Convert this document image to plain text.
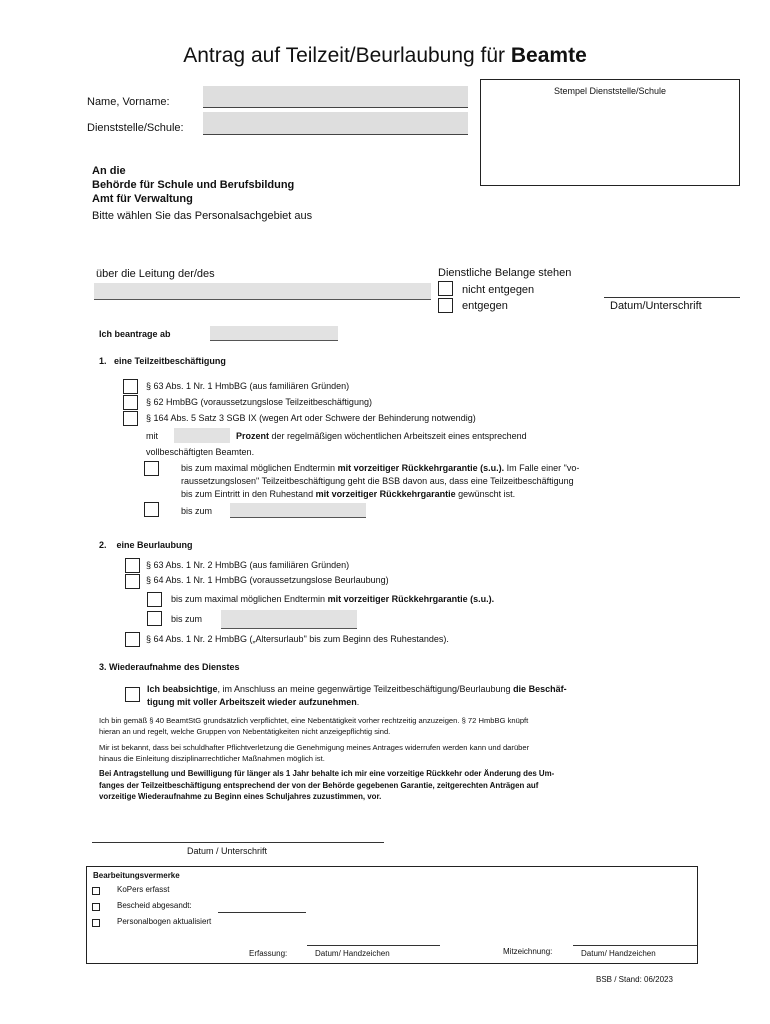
Antrag auf Teilzeit/Beurlaubung für Beamte
Name, Vorname:
Dienststelle/Schule:
Stempel Dienststelle/Schule
An die
Behörde für Schule und Berufsbildung
Amt für Verwaltung
Bitte wählen Sie das Personalsachgebiet aus
über die Leitung der/des	Dienstliche Belange stehen
nicht entgegen
entgegen	Datum/Unterschrift
Ich beantrage ab
1.   eine Teilzeitbeschäftigung
§ 63 Abs. 1 Nr. 1 HmbBG (aus familiären Gründen)
§ 62 HmbBG (voraussetzungslose Teilzeitbeschäftigung)
§ 164 Abs. 5 Satz 3 SGB IX (wegen Art oder Schwere der Behinderung notwendig)
mit	Prozent der regelmäßigen wöchentlichen Arbeitszeit eines entsprechend
vollbeschäftigten Beamten.
bis zum maximal möglichen Endtermin mit vorzeitiger Rückkehrgarantie (s.u.). Im Falle einer "vo-
raussetzungslosen" Teilzeitbeschäftigung geht die BSB davon aus, dass eine Teilzeitbeschäftigung
bis zum Eintritt in den Ruhestand mit vorzeitiger Rückkehrgarantie gewünscht ist.
bis zum
2.    eine Beurlaubung
§ 63 Abs. 1 Nr. 2 HmbBG (aus familiären Gründen)
§ 64 Abs. 1 Nr. 1 HmbBG (voraussetzungslose Beurlaubung)
bis zum maximal möglichen Endtermin mit vorzeitiger Rückkehrgarantie (s.u.).
bis zum
§ 64 Abs. 1 Nr. 2 HmbBG („Altersurlaub" bis zum Beginn des Ruhestandes).
3. Wiederaufnahme des Dienstes
Ich beabsichtige, im Anschluss an meine gegenwärtige Teilzeitbeschäftigung/Beurlaubung die Beschäf-
tigung mit voller Arbeitszeit wieder aufzunehmen.
Ich bin gemäß § 40 BeamtStG grundsätzlich verpflichtet, eine Nebentätigkeit vorher rechtzeitig anzuzeigen. § 72 HmbBG knüpft
hieran an und regelt, welche Gruppen von Nebentätigkeiten nicht anzeigepflichtig sind.
Mir ist bekannt, dass bei schuldhafter Pflichtverletzung die Genehmigung meines Antrages widerrufen werden kann und darüber
hinaus die Einleitung disziplinarrechtlicher Maßnahmen möglich ist.
Bei Antragstellung und Bewilligung für länger als 1 Jahr behalte ich mir eine vorzeitige Rückkehr oder Änderung des Um-
fanges der Teilzeitbeschäftigung entsprechend der von der Behörde gegebenen Garantie, zeitgerechten Anträgen auf
vorzeitige Wiederaufnahme zu Beginn eines Schuljahres zuzustimmen, vor.
Datum / Unterschrift
Bearbeitungsvermerke
KoPers erfasst
Bescheid abgesandt:
Personalbogen aktualisiert
Erfassung:	Datum/ Handzeichen	Mitzeichnung:	Datum/ Handzeichen
BSB / Stand: 06/2023
